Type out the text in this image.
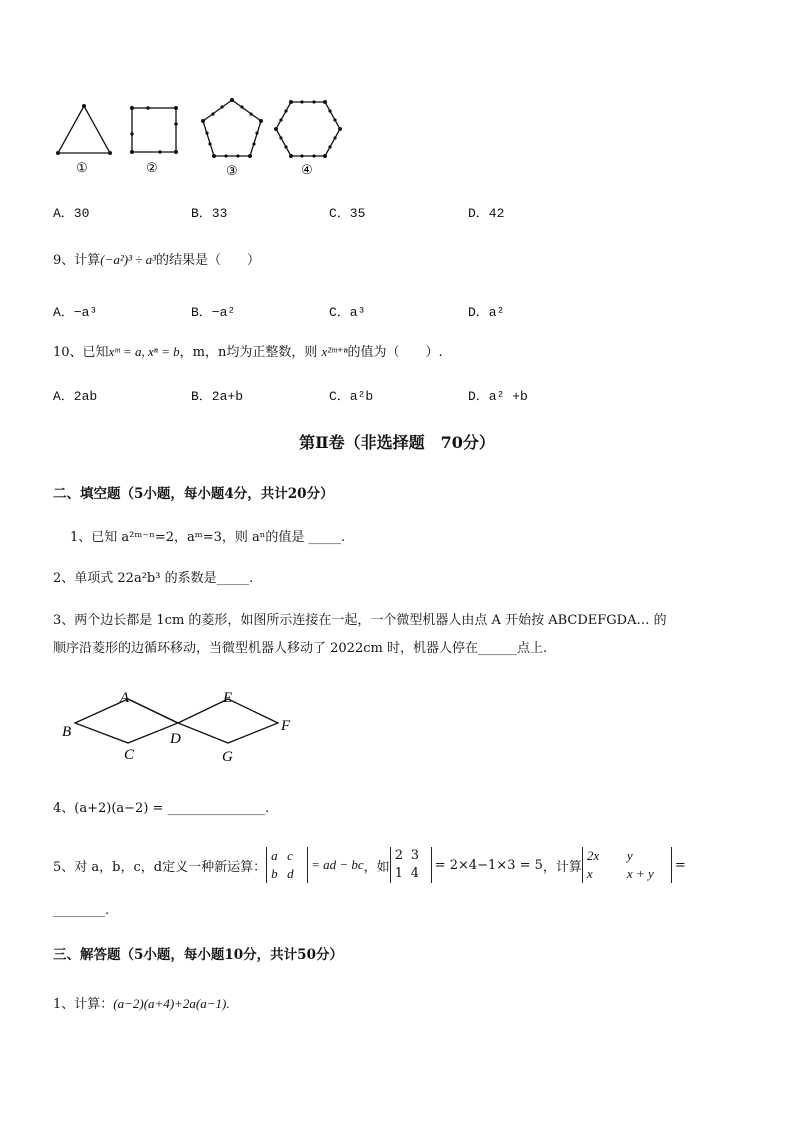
①	②	③	④
A．30	B．33	C．35	D．42
9、计算(−a²)³ ÷ a³的结果是（　　）
A．−a³	B．−a²	C．a³	D．a²
10、已知xᵐ = a, xⁿ = b，m，n均为正整数，则 x²ᵐ⁺ⁿ的值为（　　）.
A．2ab	B．2a+b	C．a²b	D．a² +b
第Ⅱ卷（非选择题　70分）
二、填空题（5小题，每小题4分，共计20分）
1、已知 a²ᵐ⁻ⁿ=2，aᵐ=3，则 aⁿ的值是 _____.
2、单项式 22a²b³ 的系数是_____.
3、两个边长都是 1cm 的菱形，如图所示连接在一起，一个微型机器人由点 A 开始按 ABCDEFGDA… 的
顺序沿菱形的边循环移动，当微型机器人移动了 2022cm 时，机器人停在______点上.
A
B
C
D
E
F
G
4、(a+2)(a−2) = _______________.
5、对 a，b，c，d定义一种新运算：
a c
b d
= ad − bc ，如
2 3
1 4
= 2×4−1×3 = 5 ，计算
2x y
x	x + y
=
________.
三、解答题（5小题，每小题10分，共计50分）
1、计算：(a−2)(a+4)+2a(a−1).
